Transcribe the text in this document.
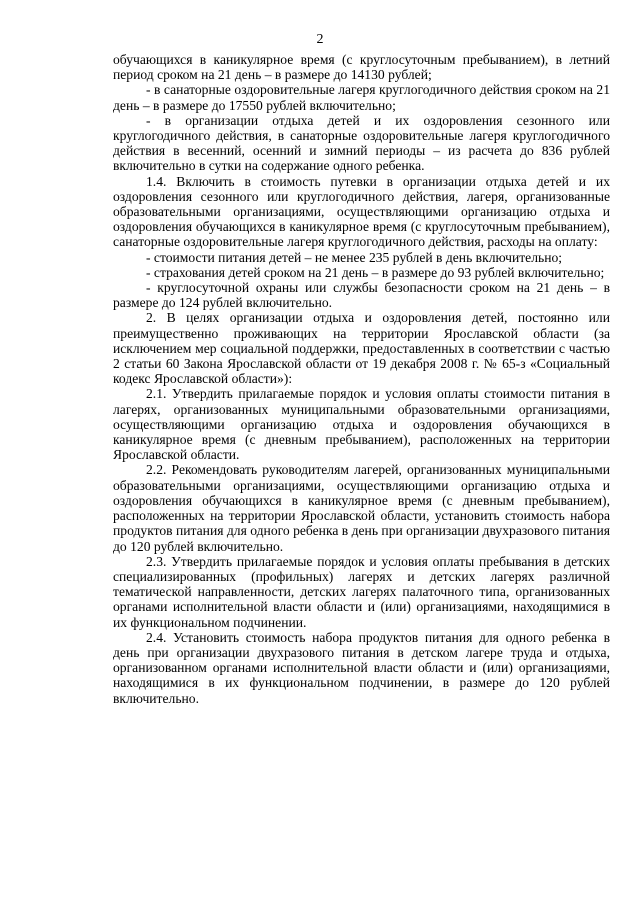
2

обучающихся в каникулярное время (с круглосуточным пребыванием), в летний период сроком на 21 день – в размере до 14130 рублей;

- в санаторные оздоровительные лагеря круглогодичного действия сроком на 21 день – в размере до 17550 рублей включительно;

- в организации отдыха детей и их оздоровления сезонного или круглогодичного действия, в санаторные оздоровительные лагеря круглогодичного действия в весенний, осенний и зимний периоды – из расчета до 836 рублей включительно в сутки на содержание одного ребенка.

1.4. Включить в стоимость путевки в организации отдыха детей и их оздоровления сезонного или круглогодичного действия, лагеря, организованные образовательными организациями, осуществляющими организацию отдыха и оздоровления обучающихся в каникулярное время (с круглосуточным пребыванием), санаторные оздоровительные лагеря круглогодичного действия, расходы на оплату:

- стоимости питания детей – не менее 235 рублей в день включительно;

- страхования детей сроком на 21 день – в размере до 93 рублей включительно;

- круглосуточной охраны или службы безопасности сроком на 21 день – в размере до 124 рублей включительно.

2. В целях организации отдыха и оздоровления детей, постоянно или преимущественно проживающих на территории Ярославской области (за исключением мер социальной поддержки, предоставленных в соответствии с частью 2 статьи 60 Закона Ярославской области от 19 декабря 2008 г. № 65-з «Социальный кодекс Ярославской области»):

2.1. Утвердить прилагаемые порядок и условия оплаты стоимости питания в лагерях, организованных муниципальными образовательными организациями, осуществляющими организацию отдыха и оздоровления обучающихся в каникулярное время (с дневным пребыванием), расположенных на территории Ярославской области.

2.2. Рекомендовать руководителям лагерей, организованных муниципальными образовательными организациями, осуществляющими организацию отдыха и оздоровления обучающихся в каникулярное время (с дневным пребыванием), расположенных на территории Ярославской области, установить стоимость набора продуктов питания для одного ребенка в день при организации двухразового питания до 120 рублей включительно.

2.3. Утвердить прилагаемые порядок и условия оплаты пребывания в детских специализированных (профильных) лагерях и детских лагерях различной тематической направленности, детских лагерях палаточного типа, организованных органами исполнительной власти области и (или) организациями, находящимися в их функциональном подчинении.

2.4. Установить стоимость набора продуктов питания для одного ребенка в день при организации двухразового питания в детском лагере труда и отдыха, организованном органами исполнительной власти области и (или) организациями, находящимися в их функциональном подчинении, в размере до 120 рублей включительно.
